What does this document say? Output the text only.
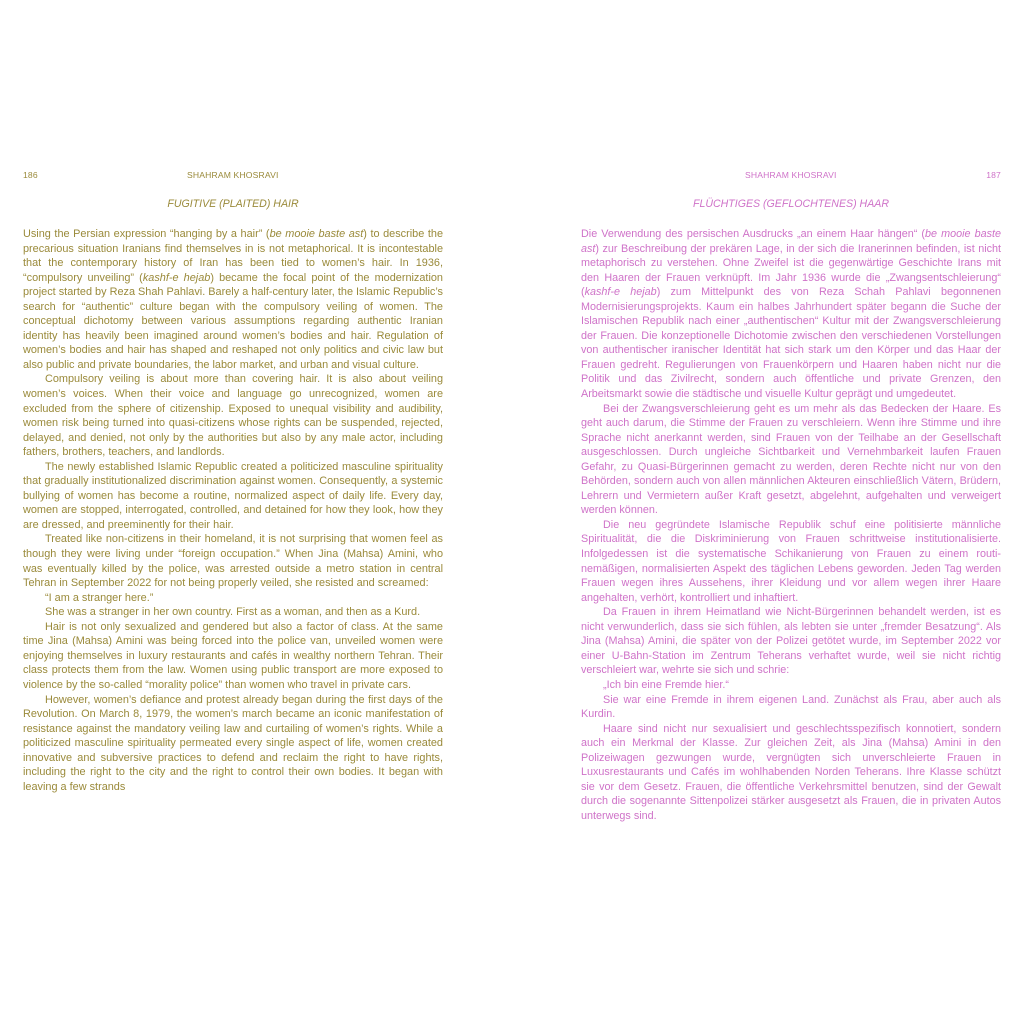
186	SHAHRAM KHOSRAVI
FUGITIVE (PLAITED) HAIR

Using the Persian expression “hanging by a hair” (be mooie baste ast) to describe the precarious situation Iranians find themselves in is not metaphorical. It is incontestable that the contemporary history of Iran has been tied to women’s hair. In 1936, “compulsory unveiling” (kashf-e hejab) became the focal point of the modernization project started by Reza Shah Pahlavi. Barely a half-century later, the Islamic Republic’s search for “authentic” culture began with the compulsory veiling of women. The conceptual dichotomy between various assumptions regarding authentic Iranian identity has heavily been imagined around women’s bodies and hair. Regulation of women’s bodies and hair has shaped and reshaped not only politics and civic law but also public and private boundaries, the labor market, and urban and visual culture.

Compulsory veiling is about more than covering hair. It is also about veiling women’s voices. When their voice and language go unrecognized, women are excluded from the sphere of citizenship. Exposed to unequal visibility and audibility, women risk being turned into quasi-citizens whose rights can be suspended, rejected, delayed, and denied, not only by the authorities but also by any male actor, including fathers, brothers, teachers, and landlords.

The newly established Islamic Republic created a politicized masculine spirituality that gradually institutionalized discrimination against women. Consequently, a systemic bullying of women has become a routine, normalized aspect of daily life. Every day, women are stopped, interrogated, controlled, and detained for how they look, how they are dressed, and preeminently for their hair.

Treated like non-citizens in their homeland, it is not surprising that women feel as though they were living under “foreign occupation.” When Jina (Mahsa) Amini, who was eventually killed by the police, was arrested outside a metro station in central Tehran in September 2022 for not being properly veiled, she resisted and screamed:

“I am a stranger here.”

She was a stranger in her own country. First as a woman, and then as a Kurd.

Hair is not only sexualized and gendered but also a factor of class. At the same time Jina (Mahsa) Amini was being forced into the police van, unveiled women were enjoying themselves in luxury restaurants and cafés in wealthy northern Tehran. Their class protects them from the law. Women using public transport are more exposed to violence by the so-called “morality police” than women who travel in private cars.

However, women’s defiance and protest already began during the first days of the Revolution. On March 8, 1979, the women’s march became an iconic manifestation of resistance against the mandatory veiling law and curtailing of women’s rights. While a politicized masculine spirituality permeated every single aspect of life, women created innovative and subversive practices to defend and reclaim the right to have rights, including the right to the city and the right to control their own bodies. It began with leaving a few strands

SHAHRAM KHOSRAVI	187
FLÜCHTIGES (GEFLOCHTENES) HAAR

Die Verwendung des persischen Ausdrucks „an einem Haar hängen“ (be mooie baste ast) zur Beschreibung der prekären Lage, in der sich die Iranerinnen befinden, ist nicht metaphorisch zu verstehen. Ohne Zweifel ist die gegenwärtige Geschichte Irans mit den Haaren der Frauen verknüpft. Im Jahr 1936 wurde die „Zwangsentschleierung“ (kashf-e hejab) zum Mittelpunkt des von Reza Schah Pahlavi begonnenen Modernisierungsprojekts. Kaum ein halbes Jahrhundert später begann die Suche der Islamischen Republik nach einer „authentischen“ Kultur mit der Zwangsverschleierung der Frauen. Die konzeptionelle Dichotomie zwischen den verschiedenen Vorstellungen von authentischer iranischer Identität hat sich stark um den Körper und das Haar der Frauen gedreht. Regulierungen von Frauenkörpern und Haaren haben nicht nur die Politik und das Zivilrecht, sondern auch öffentliche und private Grenzen, den Arbeitsmarkt sowie die städtische und visuelle Kultur geprägt und umgedeutet.

Bei der Zwangsverschleierung geht es um mehr als das Bedecken der Haare. Es geht auch darum, die Stimme der Frauen zu verschleiern. Wenn ihre Stimme und ihre Sprache nicht anerkannt werden, sind Frauen von der Teilhabe an der Gesellschaft ausgeschlossen. Durch ungleiche Sichtbarkeit und Vernehmbarkeit laufen Frauen Gefahr, zu Quasi-Bürgerinnen gemacht zu werden, deren Rechte nicht nur von den Behörden, sondern auch von allen männlichen Akteuren einschließlich Vätern, Brüdern, Lehrern und Vermietern außer Kraft gesetzt, abgelehnt, aufgehalten und verweigert werden können.

Die neu gegründete Islamische Republik schuf eine politisierte männliche Spiritualität, die die Diskriminierung von Frauen schrittweise institutionalisierte. Infolgedessen ist die systematische Schikanierung von Frauen zu einem routinemäßigen, normalisierten Aspekt des täglichen Lebens geworden. Jeden Tag werden Frauen wegen ihres Aussehens, ihrer Kleidung und vor allem wegen ihrer Haare angehalten, verhört, kontrolliert und inhaftiert.

Da Frauen in ihrem Heimatland wie Nicht-Bürgerinnen behandelt werden, ist es nicht verwunderlich, dass sie sich fühlen, als lebten sie unter „fremder Besatzung“. Als Jina (Mahsa) Amini, die später von der Polizei getötet wurde, im September 2022 vor einer U-Bahn-Station im Zentrum Teherans verhaftet wurde, weil sie nicht richtig verschleiert war, wehrte sie sich und schrie:

„Ich bin eine Fremde hier.“

Sie war eine Fremde in ihrem eigenen Land. Zunächst als Frau, aber auch als Kurdin.

Haare sind nicht nur sexualisiert und geschlechtsspezifisch konnotiert, sondern auch ein Merkmal der Klasse. Zur gleichen Zeit, als Jina (Mahsa) Amini in den Polizeiwagen gezwungen wurde, vergnügten sich unverschleierte Frauen in Luxusrestaurants und Cafés im wohlhabenden Norden Teherans. Ihre Klasse schützt sie vor dem Gesetz. Frauen, die öffentliche Verkehrsmittel benutzen, sind der Gewalt durch die sogenannte Sittenpolizei stärker ausgesetzt als Frauen, die in privaten Autos unterwegs sind.
